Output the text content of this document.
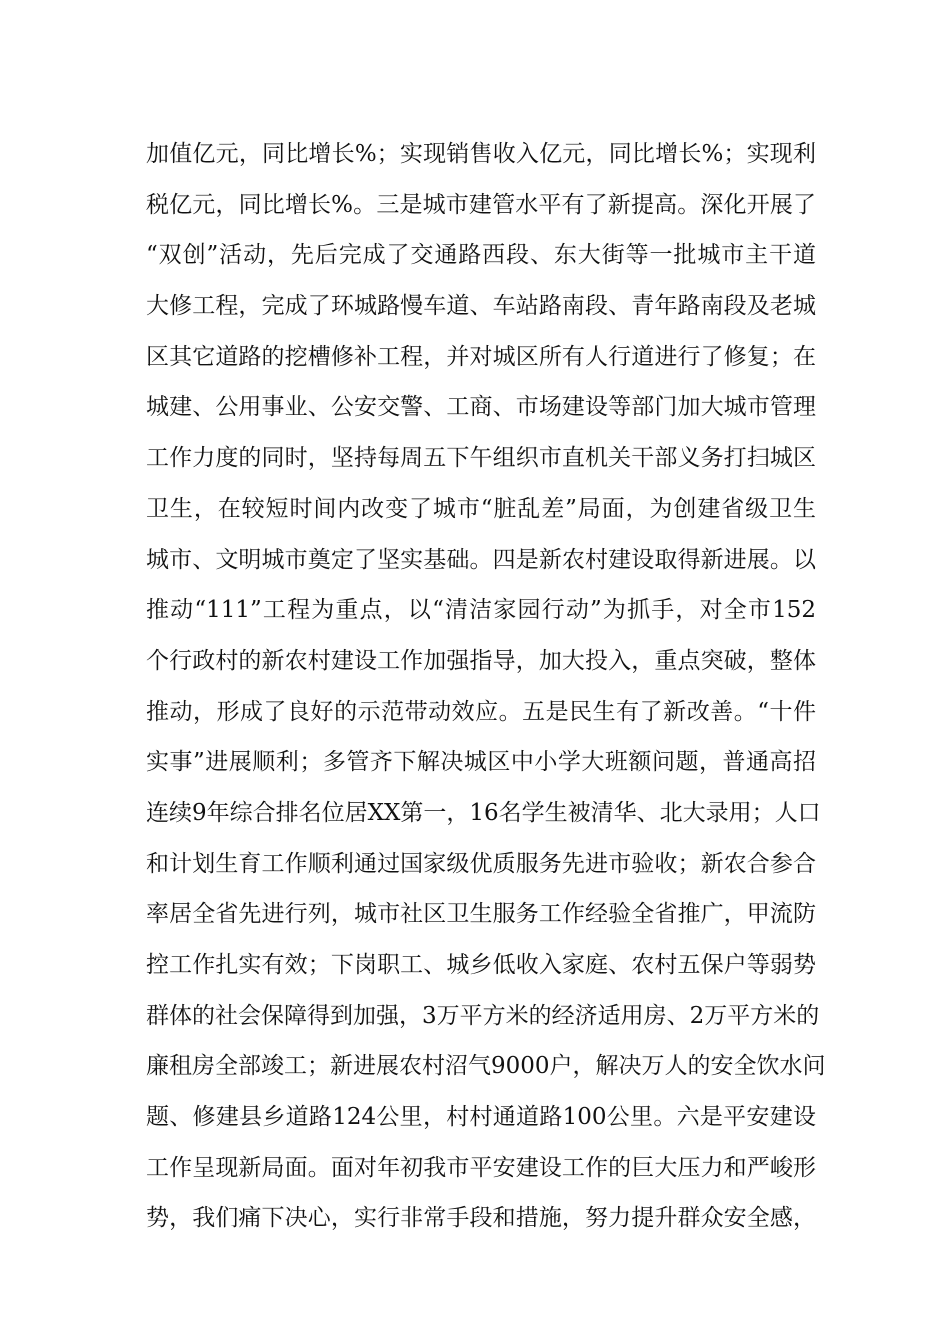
加值亿元，同比增长%；实现销售收入亿元，同比增长%；实现利
税亿元，同比增长%。三是城市建管水平有了新提高。深化开展了
“双创”活动，先后完成了交通路西段、东大街等一批城市主干道
大修工程，完成了环城路慢车道、车站路南段、青年路南段及老城
区其它道路的挖槽修补工程，并对城区所有人行道进行了修复；在
城建、公用事业、公安交警、工商、市场建设等部门加大城市管理
工作力度的同时，坚持每周五下午组织市直机关干部义务打扫城区
卫生，在较短时间内改变了城市“脏乱差”局面，为创建省级卫生
城市、文明城市奠定了坚实基础。四是新农村建设取得新进展。以
推动“111”工程为重点，以“清洁家园行动”为抓手，对全市152
个行政村的新农村建设工作加强指导，加大投入，重点突破，整体
推动，形成了良好的示范带动效应。五是民生有了新改善。“十件
实事”进展顺利；多管齐下解决城区中小学大班额问题，普通高招
连续9年综合排名位居XX第一，16名学生被清华、北大录用；人口
和计划生育工作顺利通过国家级优质服务先进市验收；新农合参合
率居全省先进行列，城市社区卫生服务工作经验全省推广，甲流防
控工作扎实有效；下岗职工、城乡低收入家庭、农村五保户等弱势
群体的社会保障得到加强，3万平方米的经济适用房、2万平方米的
廉租房全部竣工；新进展农村沼气9000户，解决万人的安全饮水问
题、修建县乡道路124公里，村村通道路100公里。六是平安建设
工作呈现新局面。面对年初我市平安建设工作的巨大压力和严峻形
势，我们痛下决心，实行非常手段和措施，努力提升群众安全感，
